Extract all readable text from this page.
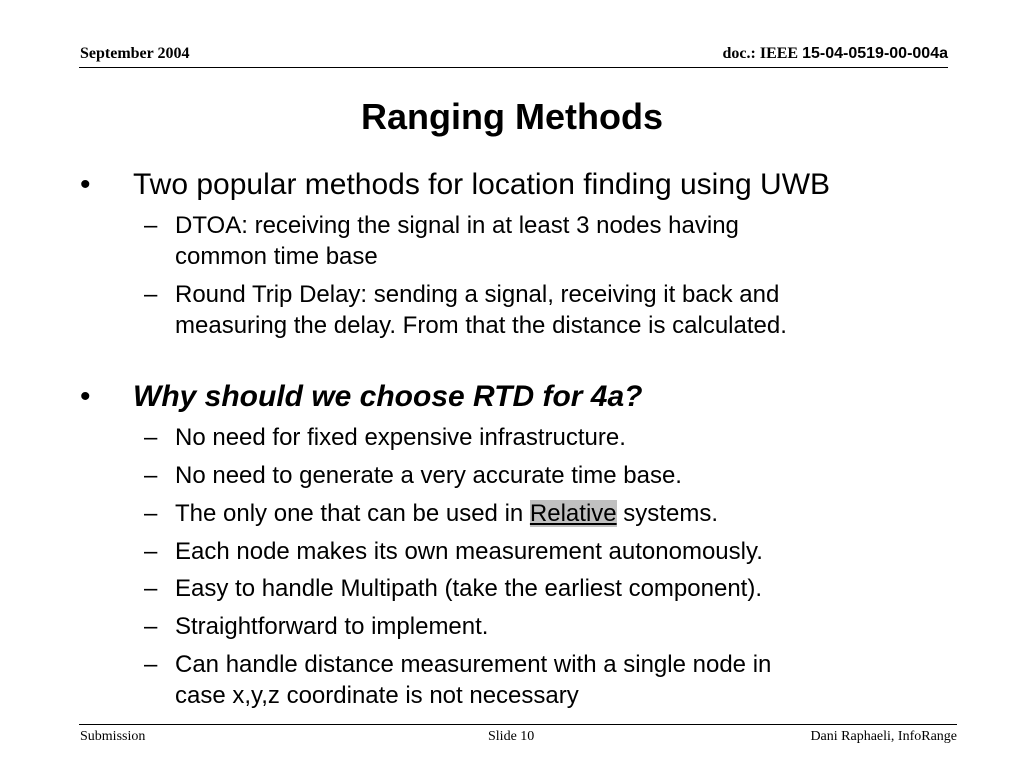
September 2004	doc.: IEEE 15-04-0519-00-004a
Ranging Methods
• Two popular methods for location finding using UWB
– DTOA: receiving the signal in at least 3 nodes having
common time base
– Round Trip Delay: sending a signal, receiving it back and
measuring the delay. From that the distance is calculated.
• Why should we choose RTD for 4a?
– No need for fixed expensive infrastructure.
– No need to generate a very accurate time base.
– The only one that can be used in Relative systems.
– Each node makes its own measurement autonomously.
– Easy to handle Multipath (take the earliest component).
– Straightforward to implement.
– Can handle distance measurement with a single node in
case x,y,z coordinate is not necessary
Submission	Slide 10	Dani Raphaeli, InfoRange
